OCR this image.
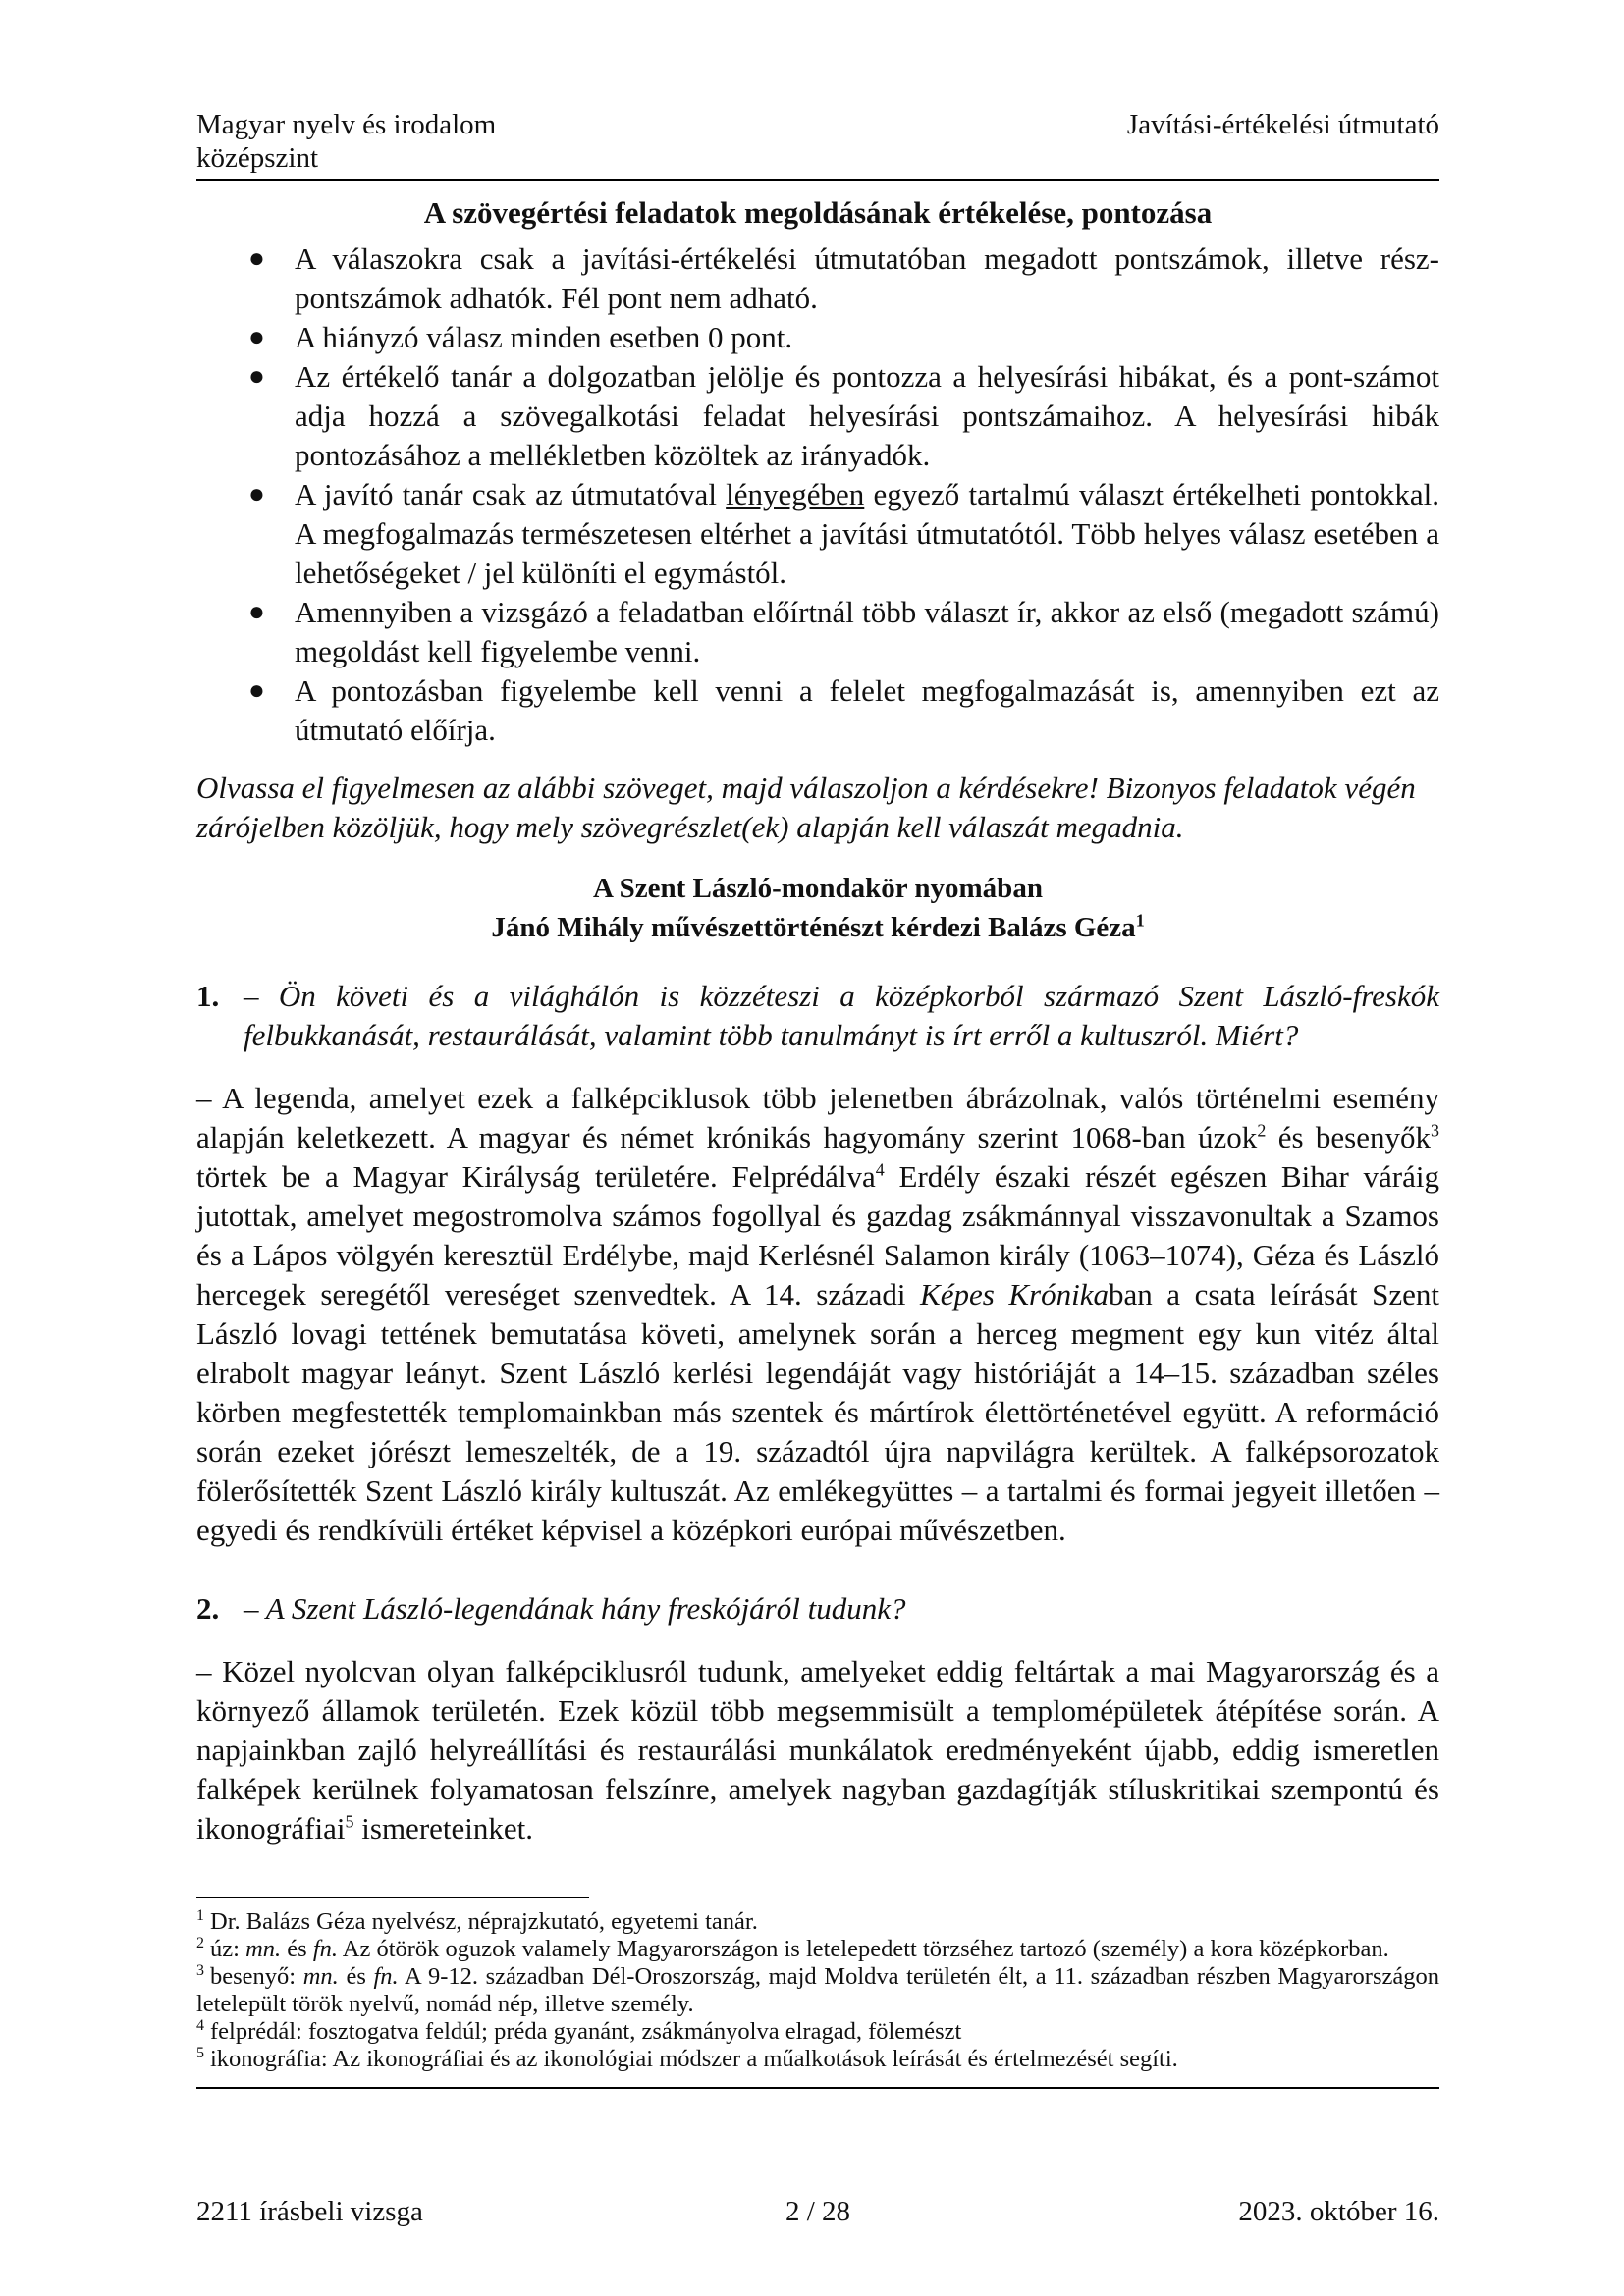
Magyar nyelv és irodalom
középszint
Javítási-értékelési útmutató
A szövegértési feladatok megoldásának értékelése, pontozása
● A válaszokra csak a javítási-értékelési útmutatóban megadott pontszámok, illetve rész-pontszámok adhatók. Fél pont nem adható.
● A hiányzó válasz minden esetben 0 pont.
● Az értékelő tanár a dolgozatban jelölje és pontozza a helyesírási hibákat, és a pont-számot adja hozzá a szövegalkotási feladat helyesírási pontszámaihoz. A helyesírási hibák pontozásához a mellékletben közöltek az irányadók.
● A javító tanár csak az útmutatóval lényegében egyező tartalmú választ értékelheti pontokkal. A megfogalmazás természetesen eltérhet a javítási útmutatótól. Több helyes válasz esetében a lehetőségeket / jel különíti el egymástól.
● Amennyiben a vizsgázó a feladatban előírtnál több választ ír, akkor az első (megadott számú) megoldást kell figyelembe venni.
● A pontozásban figyelembe kell venni a felelet megfogalmazását is, amennyiben ezt az útmutató előírja.
Olvassa el figyelmesen az alábbi szöveget, majd válaszoljon a kérdésekre! Bizonyos feladatok végén zárójelben közöljük, hogy mely szövegrészlet(ek) alapján kell válaszát megadnia.
A Szent László-mondakör nyomában
Jánó Mihály művészettörténészt kérdezi Balázs Géza$^1$
1. – Ön követi és a világhálón is közzéteszi a középkorból származó Szent László-freskók felbukkanását, restaurálását, valamint több tanulmányt is írt erről a kultuszról. Miért?
– A legenda, amelyet ezek a falképciklusok több jelenetben ábrázolnak, valós történelmi esemény alapján keletkezett. A magyar és német krónikás hagyomány szerint 1068-ban úzok$^2$ és besenyők$^3$ törtek be a Magyar Királyság területére. Felprédálva$^4$ Erdély északi részét egészen Bihar váráig jutottak, amelyet megostromolva számos fogollyal és gazdag zsákmánnyal visszavonultak a Szamos és a Lápos völgyén keresztül Erdélybe, majd Kerlésnél Salamon király (1063–1074), Géza és László hercegek seregétől vereséget szenvedtek. A 14. századi Képes Krónikaban a csata leírását Szent László lovagi tettének bemutatása követi, amelynek során a herceg megment egy kun vitéz által elrabolt magyar leányt. Szent László kerlési legendáját vagy históriáját a 14–15. században széles körben megfestették templomainkban más szentek és mártírok élettörténetével együtt. A reformáció során ezeket jórészt lemeszelték, de a 19. századtól újra napvilágra kerültek. A falképsorozatok fölerősítették Szent László király kultuszát. Az emlékegyüttes – a tartalmi és formai jegyeit illetően – egyedi és rendkívüli értéket képvisel a középkori európai művészetben.
2. – A Szent László-legendának hány freskójáról tudunk?
– Közel nyolcvan olyan falképciklusról tudunk, amelyeket eddig feltártak a mai Magyarország és a környező államok területén. Ezek közül több megsemmisült a templomépületek átépítése során. A napjainkban zajló helyreállítási és restaurálási munkálatok eredményeként újabb, eddig ismeretlen falképek kerülnek folyamatosan felszínre, amelyek nagyban gazdagítják stíluskritikai szempontú és ikonográfiai$^5$ ismereteinket.
$^1$ Dr. Balázs Géza nyelvész, néprajzkutató, egyetemi tanár.
$^2$ úz: mn. és fn. Az ótörök oguzok valamely Magyarországon is letelepedett törzséhez tartozó (személy) a kora középkorban.
$^3$ besenyő: mn. és fn. A 9-12. században Dél-Oroszország, majd Moldva területén élt, a 11. században részben Magyarországon letelepült török nyelvű, nomád nép, illetve személy.
$^4$ felprédál: fosztogatva feldúl; préda gyanánt, zsákmányolva elragad, fölemészt
$^5$ ikonográfia: Az ikonográfiai és az ikonológiai módszer a műalkotások leírását és értelmezését segíti.
2211 írásbeli vizsga	2 / 28	2023. október 16.
